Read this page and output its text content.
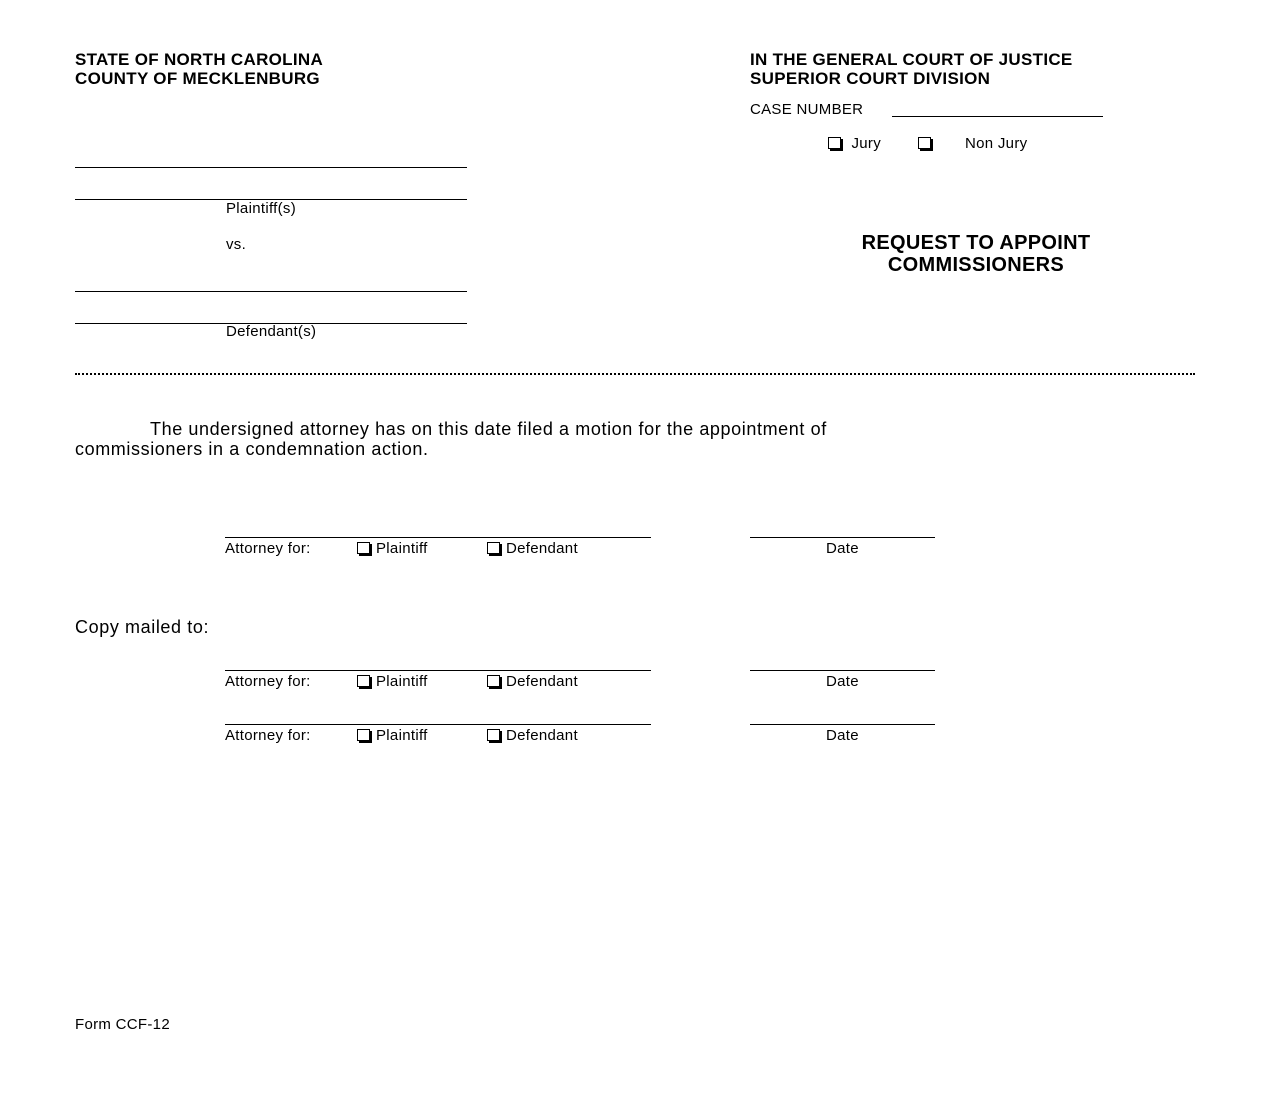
STATE OF NORTH CAROLINA
COUNTY OF MECKLENBURG
IN THE GENERAL COURT OF JUSTICE
SUPERIOR COURT DIVISION
CASE NUMBER
Jury	Non Jury
Plaintiff(s)
vs.
Defendant(s)
REQUEST TO APPOINT
COMMISSIONERS
The undersigned attorney has on this date filed a motion for the appointment of
commissioners in a condemnation action.
Attorney for:	Plaintiff	Defendant	Date
Copy mailed to:
Attorney for:	Plaintiff	Defendant	Date
Attorney for:	Plaintiff	Defendant	Date
Form CCF-12
